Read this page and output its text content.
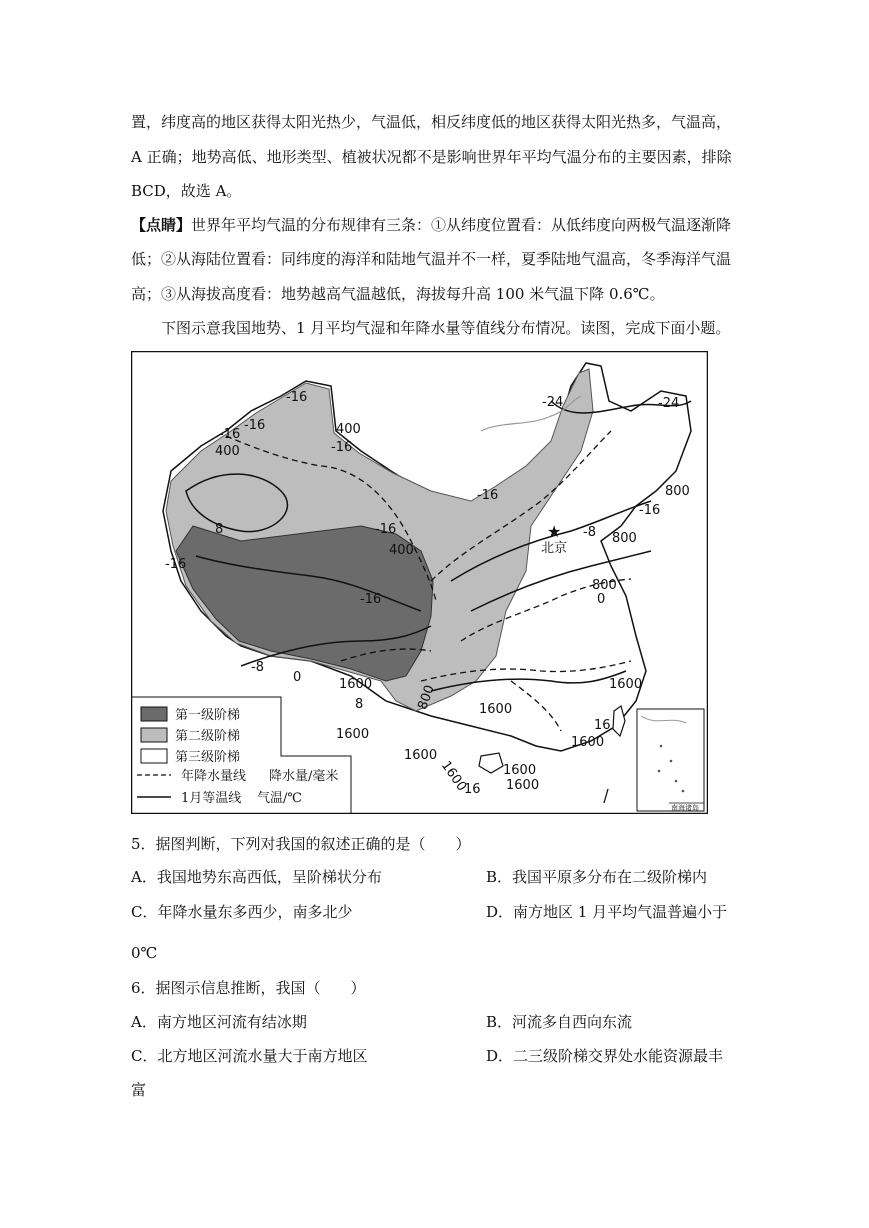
置，纬度高的地区获得太阳光热少，气温低，相反纬度低的地区获得太阳光热多，气温高，
A 正确；地势高低、地形类型、植被状况都不是影响世界年平均气温分布的主要因素，排除
BCD，故选 A。
【点睛】世界年平均气温的分布规律有三条：①从纬度位置看：从低纬度向两极气温逐渐降
低；②从海陆位置看：同纬度的海洋和陆地气温并不一样，夏季陆地气温高，冬季海洋气温
高；③从海拔高度看：地势越高气温越低，海拔每升高 100 米气温下降 0.6℃。
下图示意我国地势、1 月平均气湿和年降水量等值线分布情况。读图，完成下面小题。
-16
400
-16
-16
-16
400
-24	-24
-16	800
-16
-8 800
8	-16
400
-16
800
0
-16
-8
0	1600	1600
8	800	1600
16
1600
1600
1600
1600	1600
1600
16
★
北京
第一级阶梯
第二级阶梯
第三级阶梯
年降水量线 降水量/毫米
1月等温线 气温/℃
南海诸岛
5．据图判断，下列对我国的叙述正确的是（　　）
A．我国地势东高西低，呈阶梯状分布	B．我国平原多分布在二级阶梯内
C．年降水量东多西少，南多北少	D．南方地区 1 月平均气温普遍小于
0℃
6．据图示信息推断，我国（　　）
A．南方地区河流有结冰期	B．河流多自西向东流
C．北方地区河流水量大于南方地区	D．二三级阶梯交界处水能资源最丰
富
